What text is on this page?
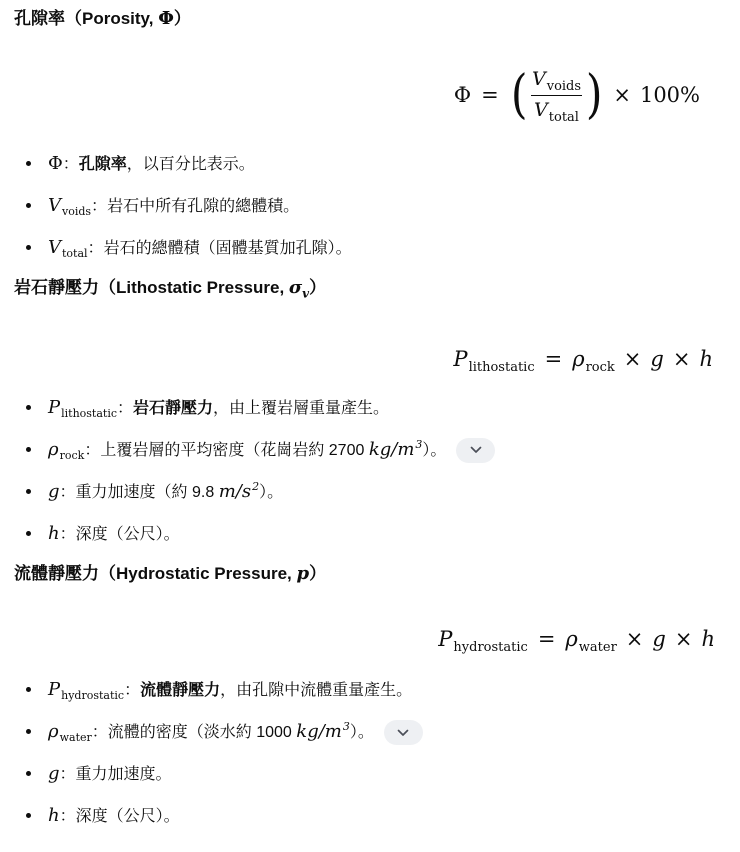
孔隙率（Porosity, Φ）
Φ = ( $\frac{V_{voids}}{V_{total}}$ ) × 100%
Φ：孔隙率，以百分比表示。
$V_{voids}$：岩石中所有孔隙的總體積。
$V_{total}$：岩石的總體積（固體基質加孔隙）。
岩石靜壓力（Lithostatic Pressure, $\sigma_v$）
$P_{lithostatic} = \rho_{rock} \times g \times h$
$P_{lithostatic}$：岩石靜壓力，由上覆岩層重量產生。
$\rho_{rock}$：上覆岩層的平均密度（花崗岩約 2700 $kg/m^3$）。
g：重力加速度（約 9.8 $m/s^2$）。
h：深度（公尺）。
流體靜壓力（Hydrostatic Pressure, p）
$P_{hydrostatic} = \rho_{water} \times g \times h$
$P_{hydrostatic}$：流體靜壓力，由孔隙中流體重量產生。
$\rho_{water}$：流體的密度（淡水約 1000 $kg/m^3$）。
g：重力加速度。
h：深度（公尺）。
